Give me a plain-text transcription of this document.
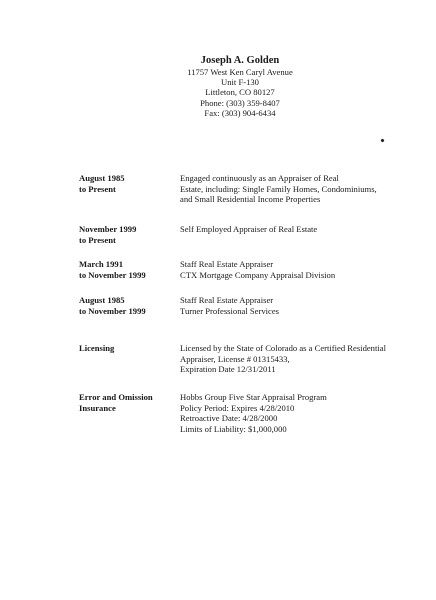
Joseph A. Golden
11757 West Ken Caryl Avenue
Unit F-130
Littleton, CO 80127
Phone: (303) 359-8407
Fax: (303) 904-6434
August 1985
to Present
Engaged continuously as an Appraiser of Real
Estate, including: Single Family Homes, Condominiums,
and Small Residential Income Properties
November 1999
to Present
Self Employed Appraiser of Real Estate
March 1991
to November 1999
Staff Real Estate Appraiser
CTX Mortgage Company Appraisal Division
August 1985
to November 1999
Staff Real Estate Appraiser
Turner Professional Services
Licensing	Licensed by the State of Colorado as a Certified Residential
Appraiser, License # 01315433,
Expiration Date 12/31/2011
Error and Omission
Insurance
Hobbs Group Five Star Appraisal Program
Policy Period: Expires 4/28/2010
Retroactive Date: 4/28/2000
Limits of Liability: $1,000,000
